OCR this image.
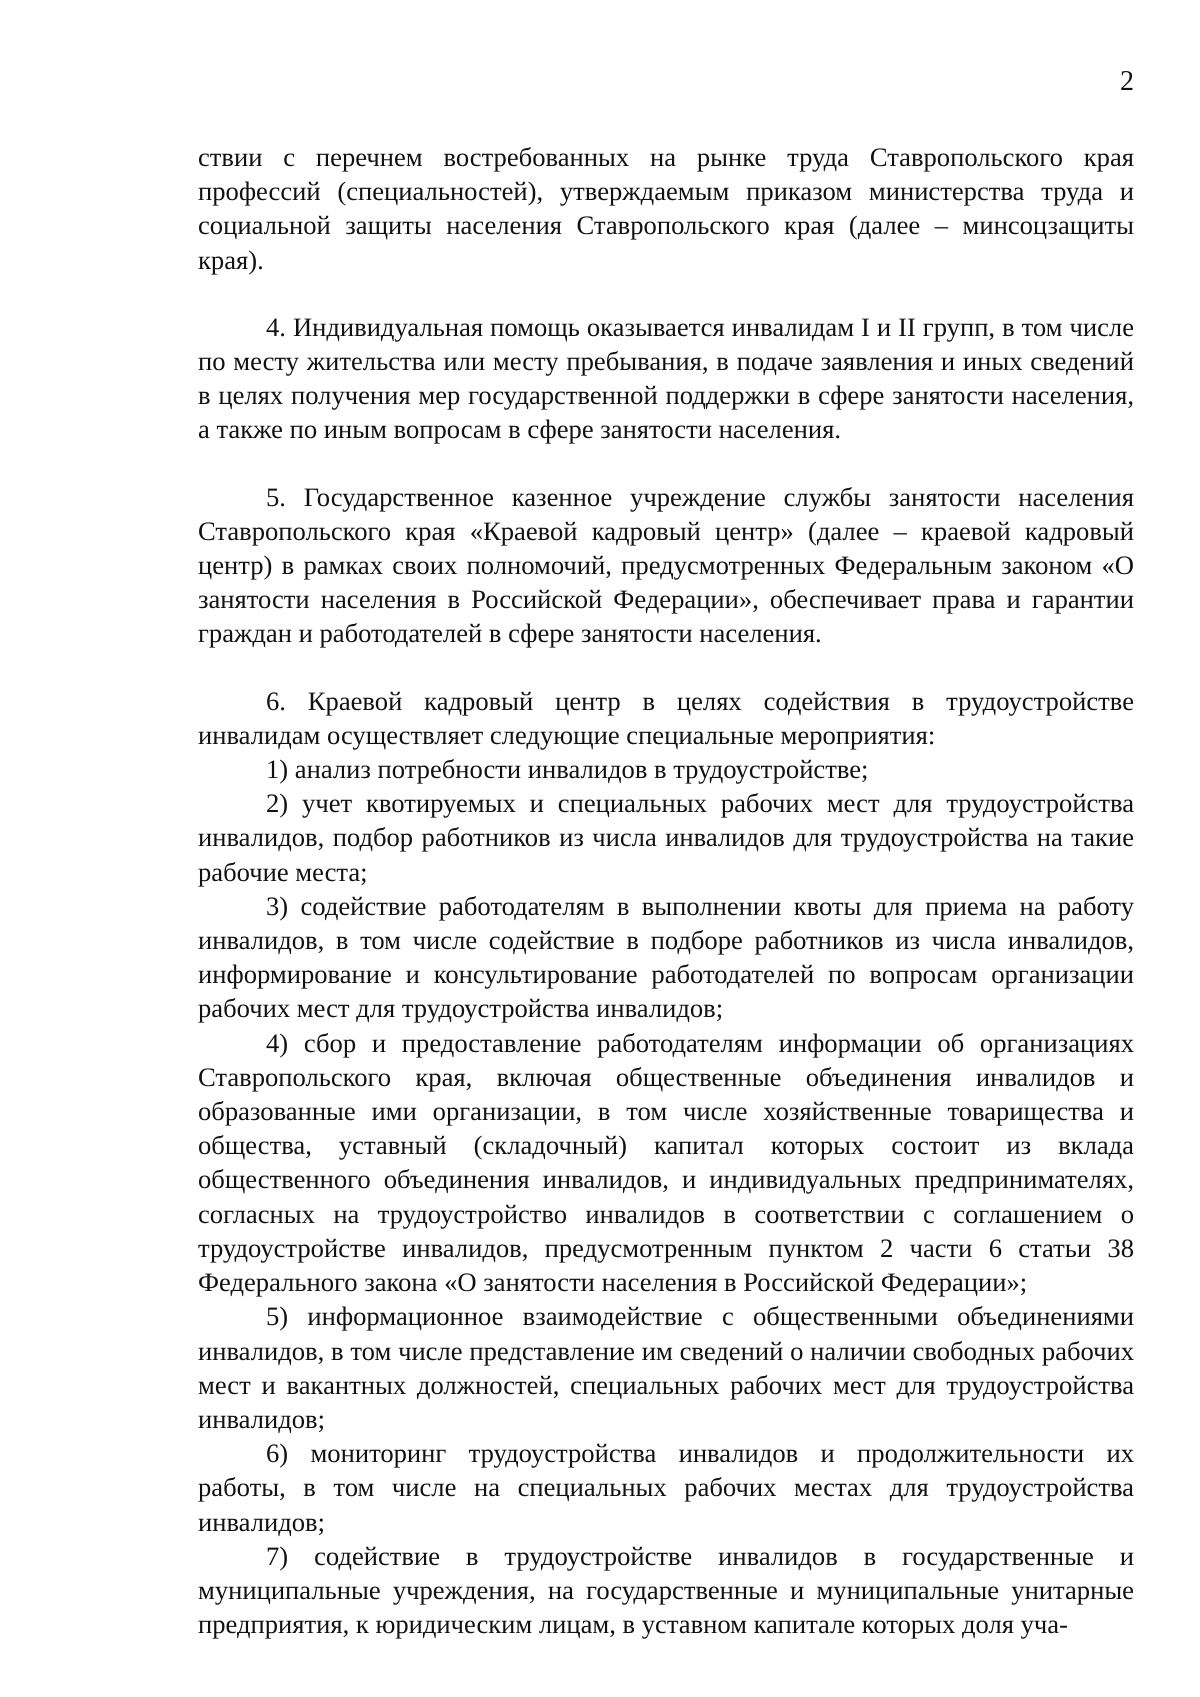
2

ствии с перечнем востребованных на рынке труда Ставропольского края профессий (специальностей), утверждаемым приказом министерства труда и социальной защиты населения Ставропольского края (далее – минсоцзащиты края).

4. Индивидуальная помощь оказывается инвалидам I и II групп, в том числе по месту жительства или месту пребывания, в подаче заявления и иных сведений в целях получения мер государственной поддержки в сфере занятости населения, а также по иным вопросам в сфере занятости населения.

5. Государственное казенное учреждение службы занятости населения Ставропольского края «Краевой кадровый центр» (далее – краевой кадровый центр) в рамках своих полномочий, предусмотренных Федеральным законом «О занятости населения в Российской Федерации», обеспечивает права и гарантии граждан и работодателей в сфере занятости населения.

6. Краевой кадровый центр в целях содействия в трудоустройстве инвалидам осуществляет следующие специальные мероприятия:

1) анализ потребности инвалидов в трудоустройстве;

2) учет квотируемых и специальных рабочих мест для трудоустройства инвалидов, подбор работников из числа инвалидов для трудоустройства на такие рабочие места;

3) содействие работодателям в выполнении квоты для приема на работу инвалидов, в том числе содействие в подборе работников из числа инвалидов, информирование и консультирование работодателей по вопросам организации рабочих мест для трудоустройства инвалидов;

4) сбор и предоставление работодателям информации об организациях Ставропольского края, включая общественные объединения инвалидов и образованные ими организации, в том числе хозяйственные товарищества и общества, уставный (складочный) капитал которых состоит из вклада общественного объединения инвалидов, и индивидуальных предпринимателях, согласных на трудоустройство инвалидов в соответствии с соглашением о трудоустройстве инвалидов, предусмотренным пунктом 2 части 6 статьи 38 Федерального закона «О занятости населения в Российской Федерации»;

5) информационное взаимодействие с общественными объединениями инвалидов, в том числе представление им сведений о наличии свободных рабочих мест и вакантных должностей, специальных рабочих мест для трудоустройства инвалидов;

6) мониторинг трудоустройства инвалидов и продолжительности их работы, в том числе на специальных рабочих местах для трудоустройства инвалидов;

7) содействие в трудоустройстве инвалидов в государственные и муниципальные учреждения, на государственные и муниципальные унитарные предприятия, к юридическим лицам, в уставном капитале которых доля уча-
